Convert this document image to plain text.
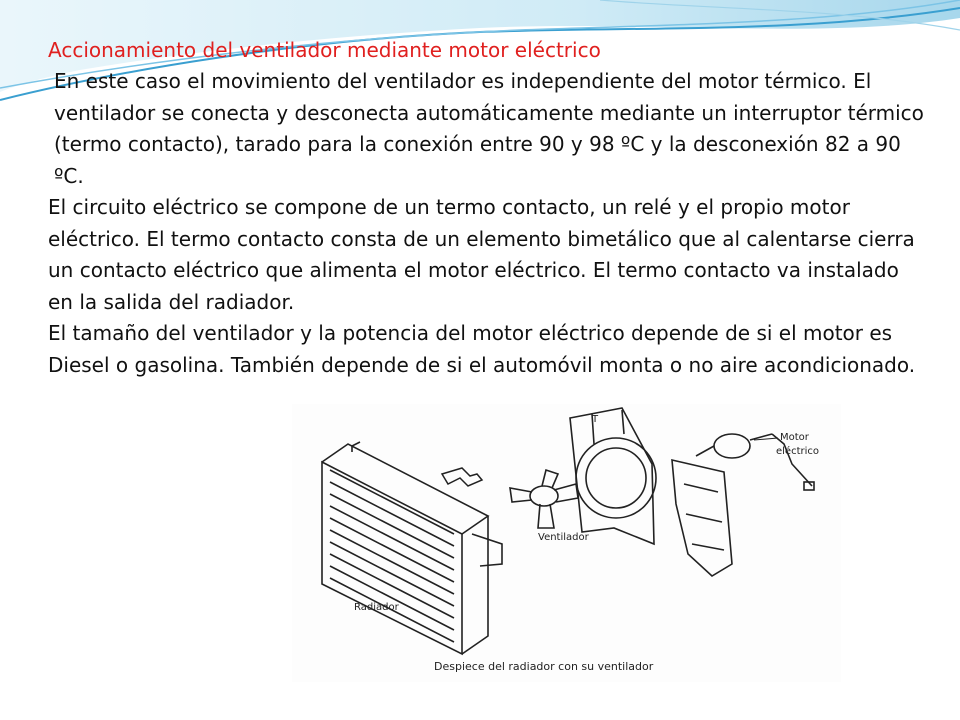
Accionamiento del ventilador mediante motor eléctrico

En este caso el movimiento del ventilador es independiente del motor térmico. El ventilador se conecta y desconecta automáticamente mediante un interruptor térmico (termo contacto), tarado para la conexión entre 90 y 98 ºC y la desconexión 82 a 90 ºC.

El circuito eléctrico se compone de un termo contacto, un relé y el propio motor eléctrico. El termo contacto consta de un elemento bimetálico que al calentarse cierra un contacto eléctrico que alimenta el motor eléctrico. El termo contacto va instalado en la salida del radiador.

El tamaño del ventilador y la potencia del motor eléctrico depende de si el motor es Diesel o gasolina. También depende de si el automóvil monta o no aire acondicionado.

T
Motor
eléctrico
Ventilador
Radiador
Despiece del radiador con su ventilador
